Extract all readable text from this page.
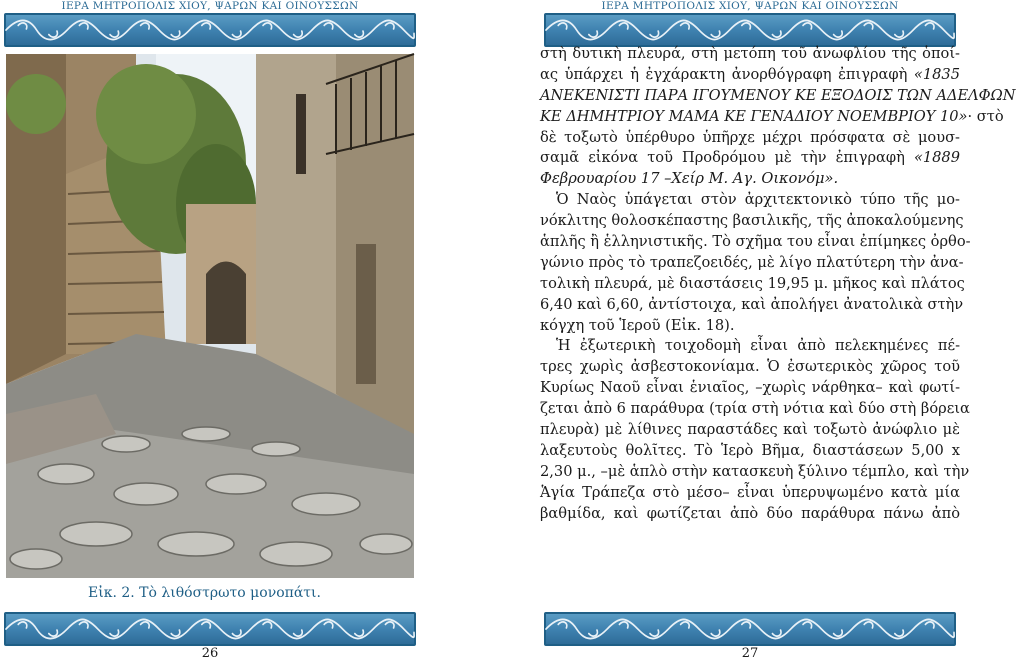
ΙΕΡΑ ΜΗΤΡΟΠΟΛΙΣ ΧΙΟΥ, ΨΑΡΩΝ ΚΑΙ ΟΙΝΟΥΣΣΩΝ
Εἰκ. 2. Τὸ λιθόστρωτο μονοπάτι.
26
ΙΕΡΑ ΜΗΤΡΟΠΟΛΙΣ ΧΙΟΥ, ΨΑΡΩΝ ΚΑΙ ΟΙΝΟΥΣΣΩΝ
στὴ δυτικὴ πλευρά, στὴ μετόπη τοῦ ἀνωφλίου τῆς ὁποί-
ας ὑπάρχει ἡ ἐγχάρακτη ἀνορθόγραφη ἐπιγραφὴ «1835
ΑΝΕΚΕΝΙΣΤΙ ΠΑΡΑ ΙΓΟΥΜΕΝΟΥ ΚΕ ΕΞΟΔΟΙΣ ΤΩΝ ΑΔΕΛΦΩΝ
ΚΕ ΔΗΜΗΤΡΙΟΥ ΜΑΜΑ ΚΕ ΓΕΝΑΔΙΟΥ ΝΟΕΜΒΡΙΟΥ 10»· στὸ
δὲ τοξωτὸ ὑπέρθυρο ὑπῆρχε μέχρι πρόσφατα σὲ μουσ-
σαμᾶ εἰκόνα τοῦ Προδρόμου μὲ τὴν ἐπιγραφὴ «1889
Φεβρουαρίου 17 –Χείρ Μ. Αγ. Οικονόμ».
Ὁ Ναὸς ὑπάγεται στὸν ἀρχιτεκτονικὸ τύπο τῆς μο-
νόκλιτης θολοσκέπαστης βασιλικῆς, τῆς ἀποκαλούμενης
ἁπλῆς ἢ ἑλληνιστικῆς. Τὸ σχῆμα του εἶναι ἐπίμηκες ὀρθο-
γώνιο πρὸς τὸ τραπεζοειδές, μὲ λίγο πλατύτερη τὴν ἀνα-
τολικὴ πλευρά, μὲ διαστάσεις 19,95 μ. μῆκος καὶ πλάτος
6,40 καὶ 6,60, ἀντίστοιχα, καὶ ἀπολήγει ἀνατολικὰ στὴν
κόγχη τοῦ Ἱεροῦ (Εἰκ. 18).
Ἡ ἐξωτερικὴ τοιχοδομὴ εἶναι ἀπὸ πελεκημένες πέ-
τρες χωρὶς ἀσβεστοκονίαμα. Ὁ ἐσωτερικὸς χῶρος τοῦ
Κυρίως Ναοῦ εἶναι ἑνιαῖος, –χωρὶς νάρθηκα– καὶ φωτί-
ζεται ἀπὸ 6 παράθυρα (τρία στὴ νότια καὶ δύο στὴ βόρεια
πλευρὰ) μὲ λίθινες παραστάδες καὶ τοξωτὸ ἀνώφλιο μὲ
λαξευτοὺς θολῖτες. Τὸ Ἱερὸ Βῆμα, διαστάσεων 5,00 x
2,30 μ., –μὲ ἁπλὸ στὴν κατασκευὴ ξύλινο τέμπλο, καὶ τὴν
Ἁγία Τράπεζα στὸ μέσο– εἶναι ὑπερυψωμένο κατὰ μία
βαθμίδα, καὶ φωτίζεται ἀπὸ δύο παράθυρα πάνω ἀπὸ
27
